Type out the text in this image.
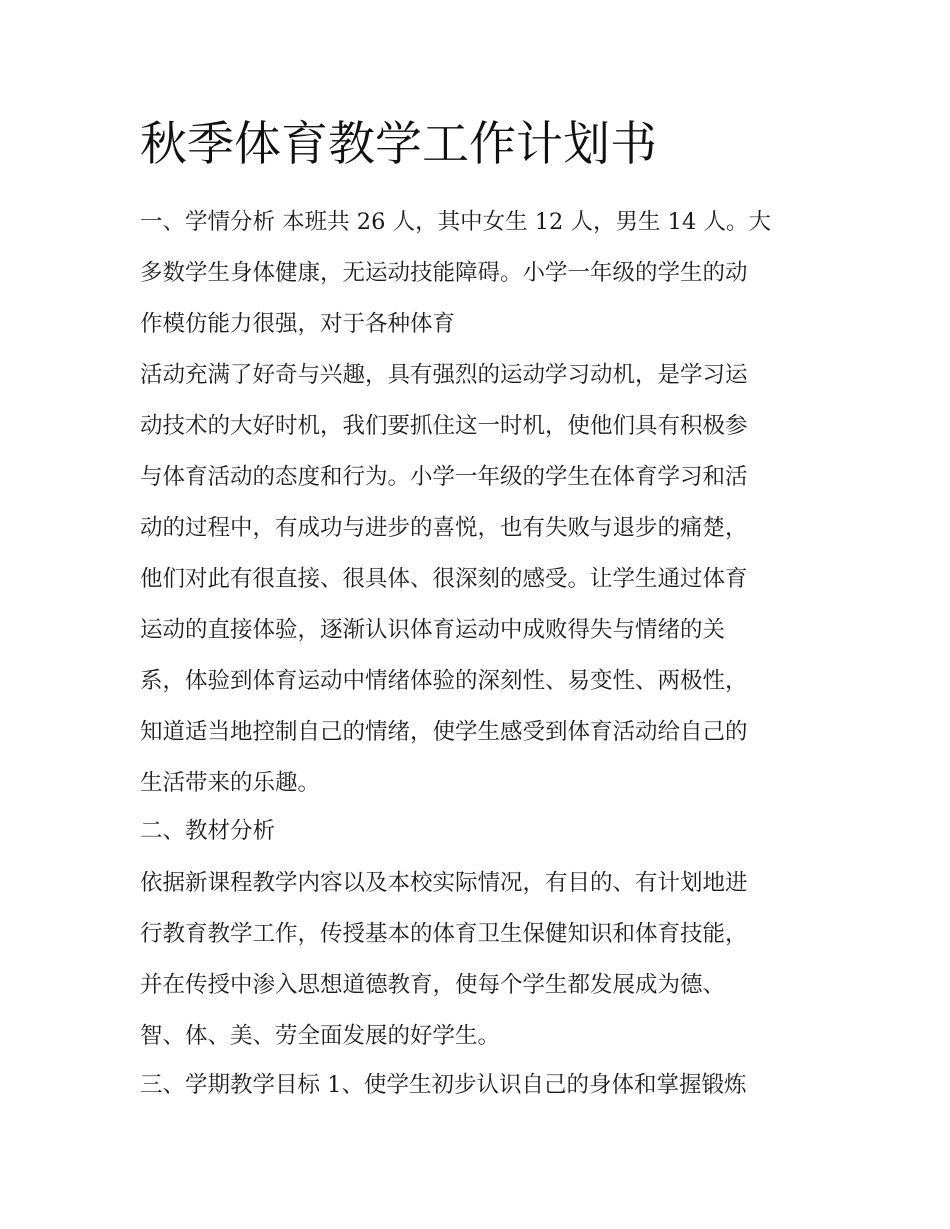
秋季体育教学工作计划书

一、学情分析 本班共 26 人，其中女生 12 人，男生 14 人。大

多数学生身体健康，无运动技能障碍。小学一年级的学生的动

作模仿能力很强，对于各种体育

活动充满了好奇与兴趣，具有强烈的运动学习动机，是学习运

动技术的大好时机，我们要抓住这一时机，使他们具有积极参

与体育活动的态度和行为。小学一年级的学生在体育学习和活

动的过程中，有成功与进步的喜悦，也有失败与退步的痛楚，

他们对此有很直接、很具体、很深刻的感受。让学生通过体育

运动的直接体验，逐渐认识体育运动中成败得失与情绪的关

系，体验到体育运动中情绪体验的深刻性、易变性、两极性，

知道适当地控制自己的情绪，使学生感受到体育活动给自己的

生活带来的乐趣。

二、教材分析

依据新课程教学内容以及本校实际情况，有目的、有计划地进

行教育教学工作，传授基本的体育卫生保健知识和体育技能，

并在传授中渗入思想道德教育，使每个学生都发展成为德、

智、体、美、劳全面发展的好学生。

三、学期教学目标 1、使学生初步认识自己的身体和掌握锻炼
